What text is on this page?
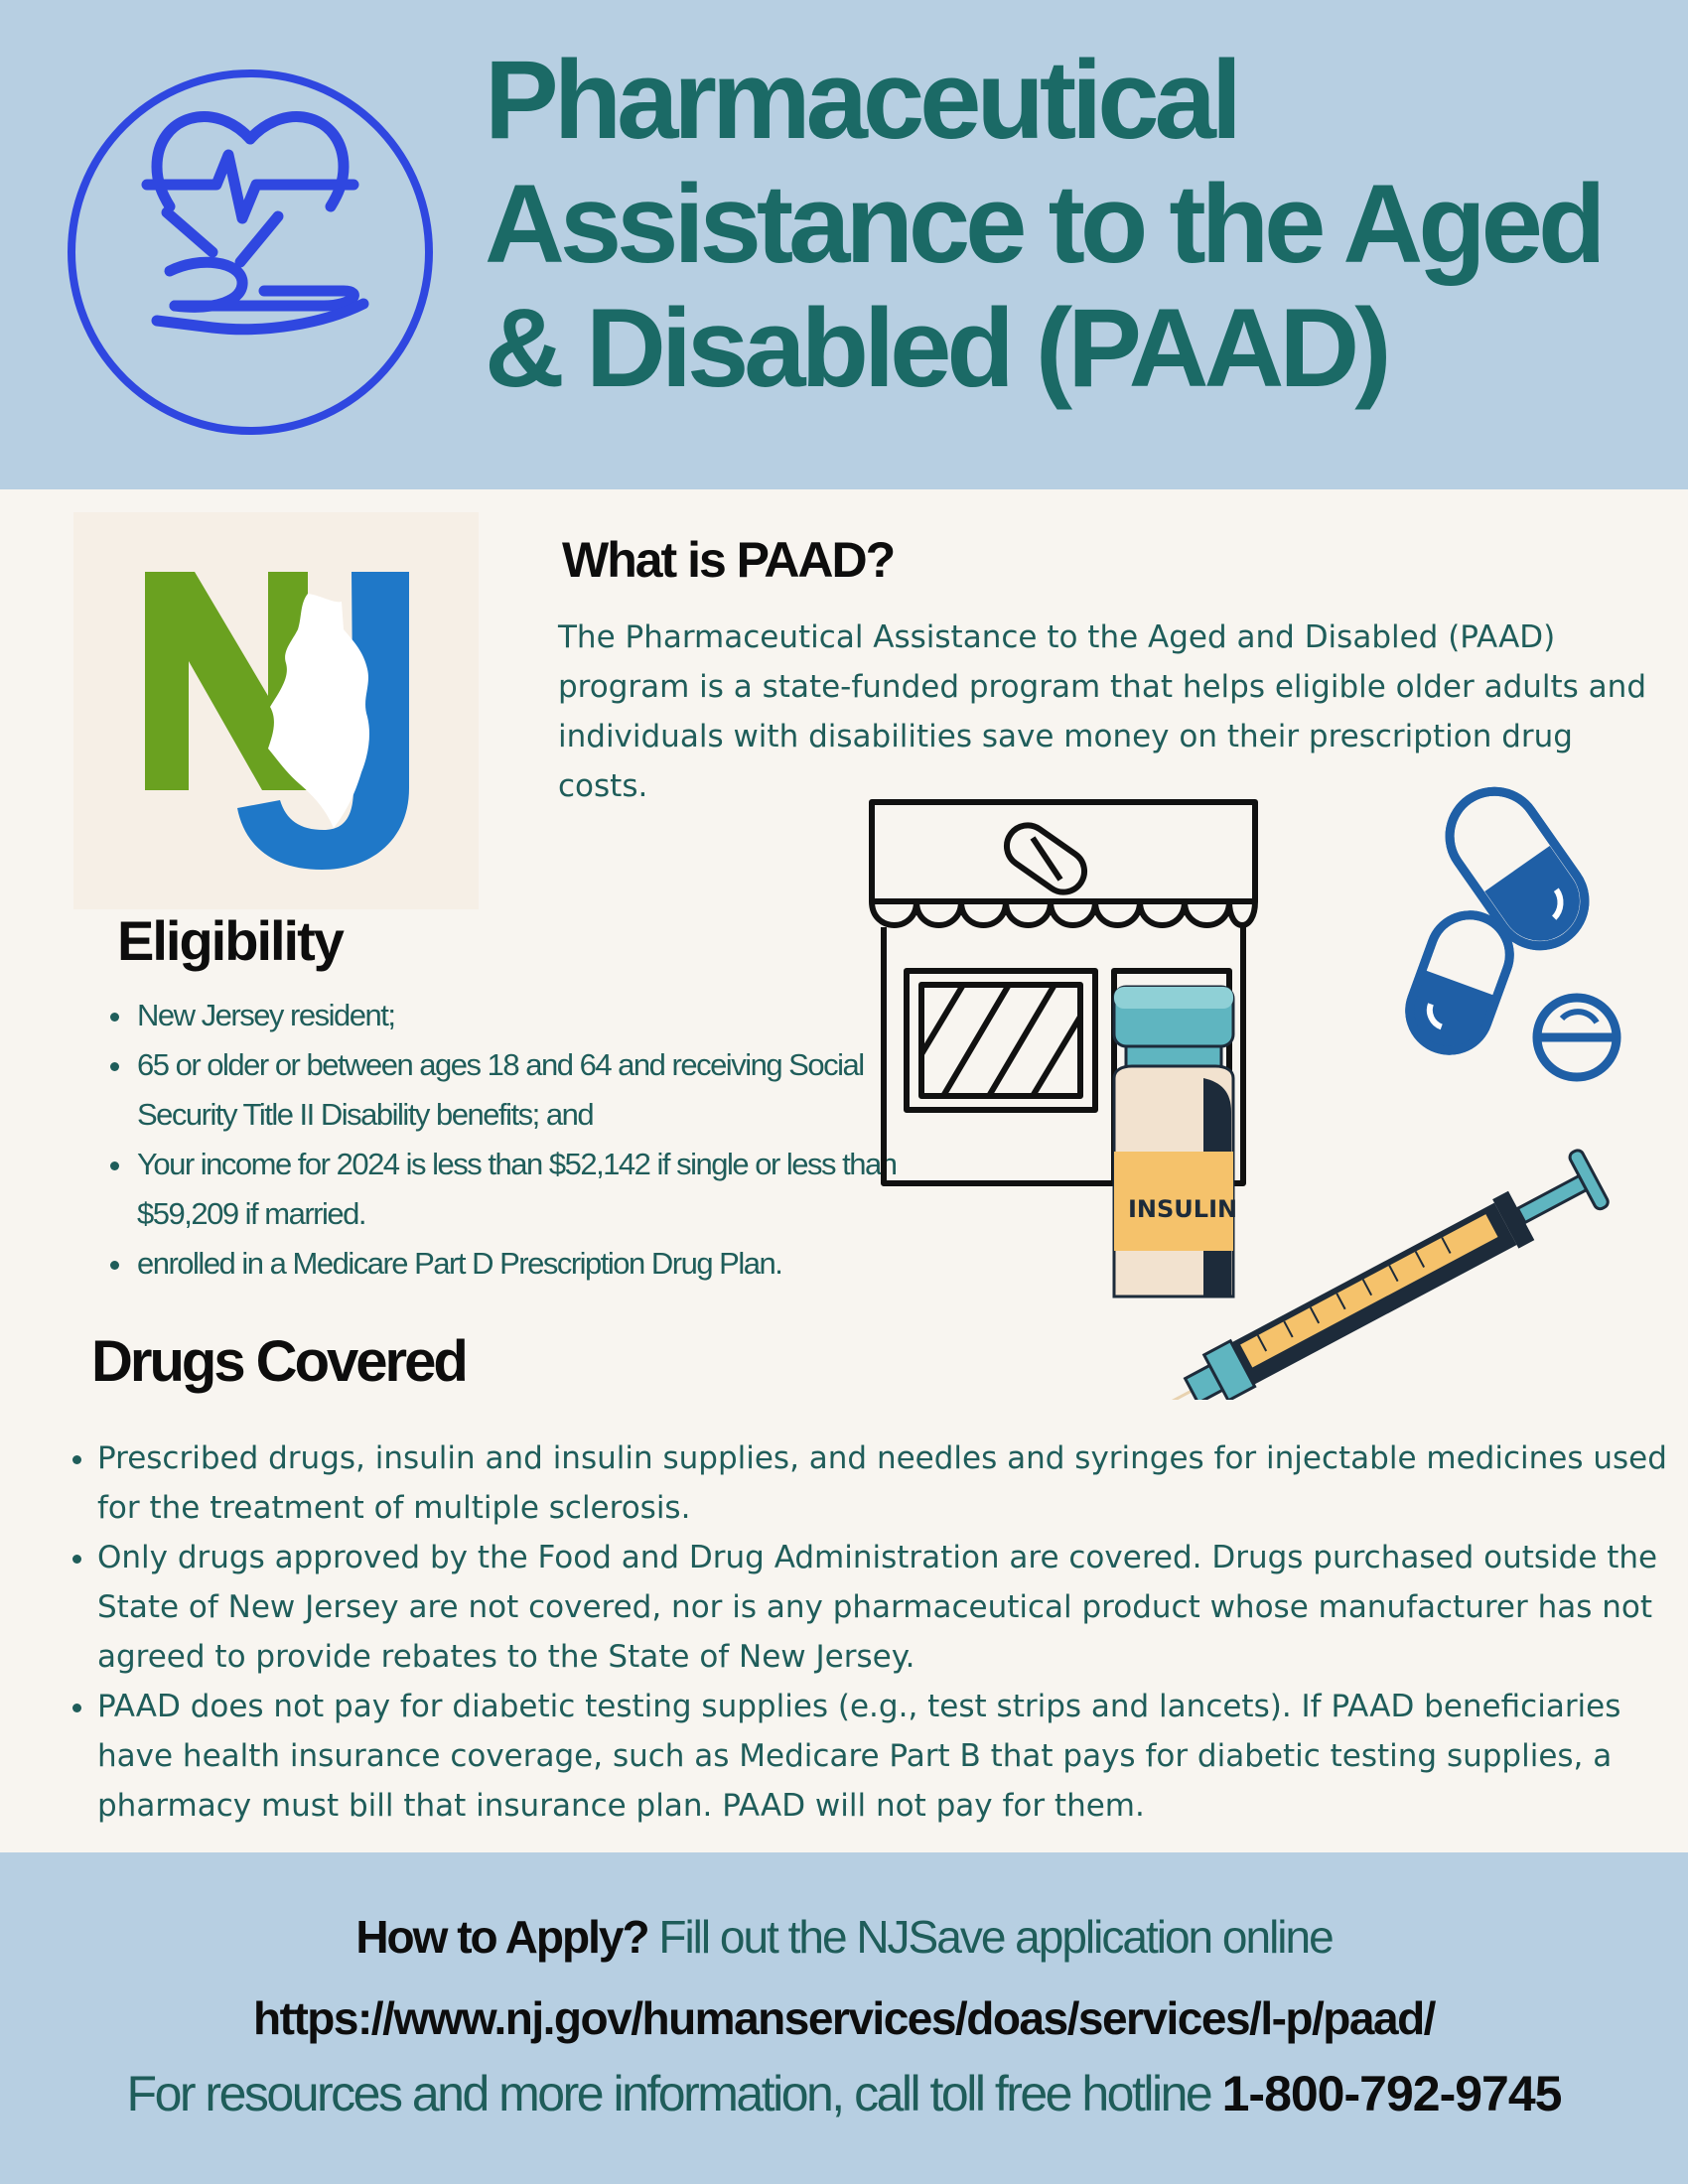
Pharmaceutical
Assistance to the Aged
& Disabled (PAAD)
What is PAAD?

The Pharmaceutical Assistance to the Aged and Disabled (PAAD) program is a state-funded program that helps eligible older adults and individuals with disabilities save money on their prescription drug costs.

Eligibility
• New Jersey resident;
• 65 or older or between ages 18 and 64 and receiving Social Security Title II Disability benefits; and
• Your income for 2024 is less than $52,142 if single or less than $59,209 if married.
• enrolled in a Medicare Part D Prescription Drug Plan.
INSULIN
Drugs Covered
• Prescribed drugs, insulin and insulin supplies, and needles and syringes for injectable medicines used for the treatment of multiple sclerosis.
• Only drugs approved by the Food and Drug Administration are covered. Drugs purchased outside the State of New Jersey are not covered, nor is any pharmaceutical product whose manufacturer has not agreed to provide rebates to the State of New Jersey.
• PAAD does not pay for diabetic testing supplies (e.g., test strips and lancets). If PAAD beneficiaries have health insurance coverage, such as Medicare Part B that pays for diabetic testing supplies, a pharmacy must bill that insurance plan. PAAD will not pay for them.
How to Apply? Fill out the NJSave application online
https://www.nj.gov/humanservices/doas/services/l-p/paad/
For resources and more information, call toll free hotline 1-800-792-9745
